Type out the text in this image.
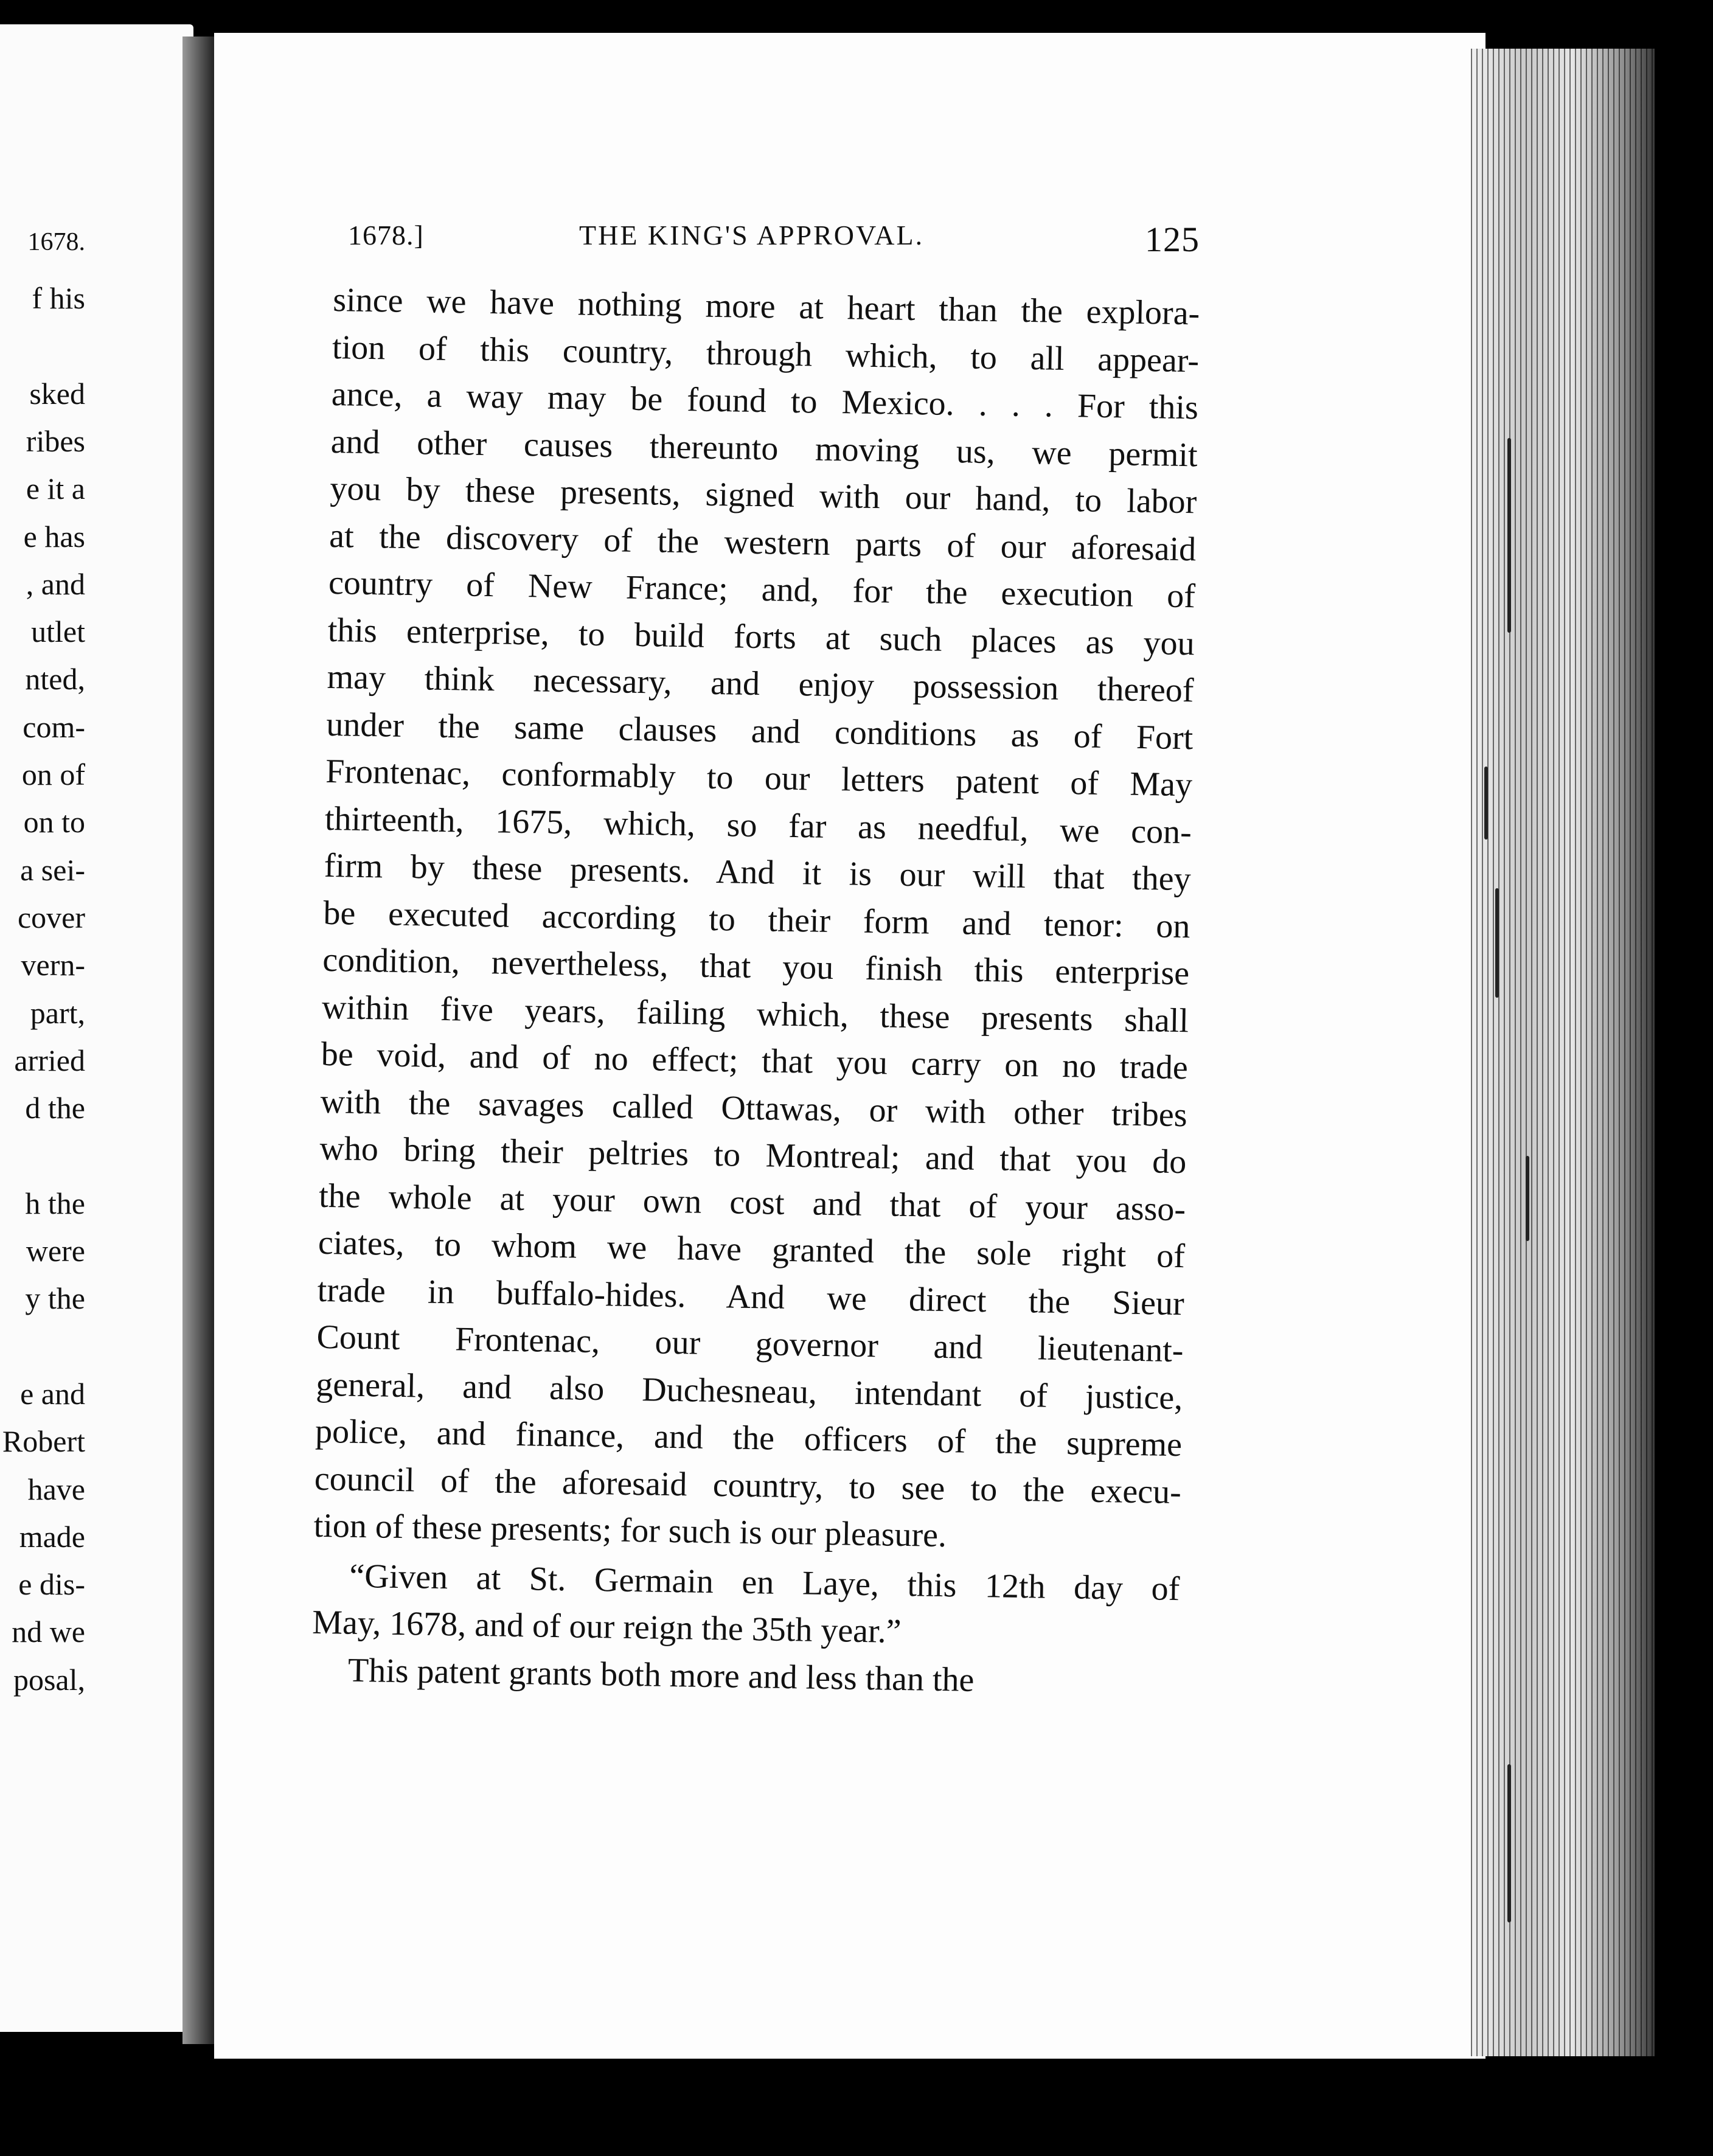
1678.
f his
sked
ribes
e it a
e has
, and
utlet
nted,
com-
on of
on to
a sei-
cover
vern-
part,
arried
d the
h the
were
y the
e and
Robert
have
made
e dis-
nd we
posal,
1678.]	THE KING'S APPROVAL.	125
since we have nothing more at heart than the explora-
tion of this country, through which, to all appear-
ance, a way may be found to Mexico. . . . For this
and other causes thereunto moving us, we permit
you by these presents, signed with our hand, to labor
at the discovery of the western parts of our aforesaid
country of New France; and, for the execution of
this enterprise, to build forts at such places as you
may think necessary, and enjoy possession thereof
under the same clauses and conditions as of Fort
Frontenac, conformably to our letters patent of May
thirteenth, 1675, which, so far as needful, we con-
firm by these presents. And it is our will that they
be executed according to their form and tenor: on
condition, nevertheless, that you finish this enterprise
within five years, failing which, these presents shall
be void, and of no effect; that you carry on no trade
with the savages called Ottawas, or with other tribes
who bring their peltries to Montreal; and that you do
the whole at your own cost and that of your asso-
ciates, to whom we have granted the sole right of
trade in buffalo-hides. And we direct the Sieur
Count Frontenac, our governor and lieutenant-
general, and also Duchesneau, intendant of justice,
police, and finance, and the officers of the supreme
council of the aforesaid country, to see to the execu-
tion of these presents; for such is our pleasure.
“Given at St. Germain en Laye, this 12th day of
May, 1678, and of our reign the 35th year.”
This patent grants both more and less than the
